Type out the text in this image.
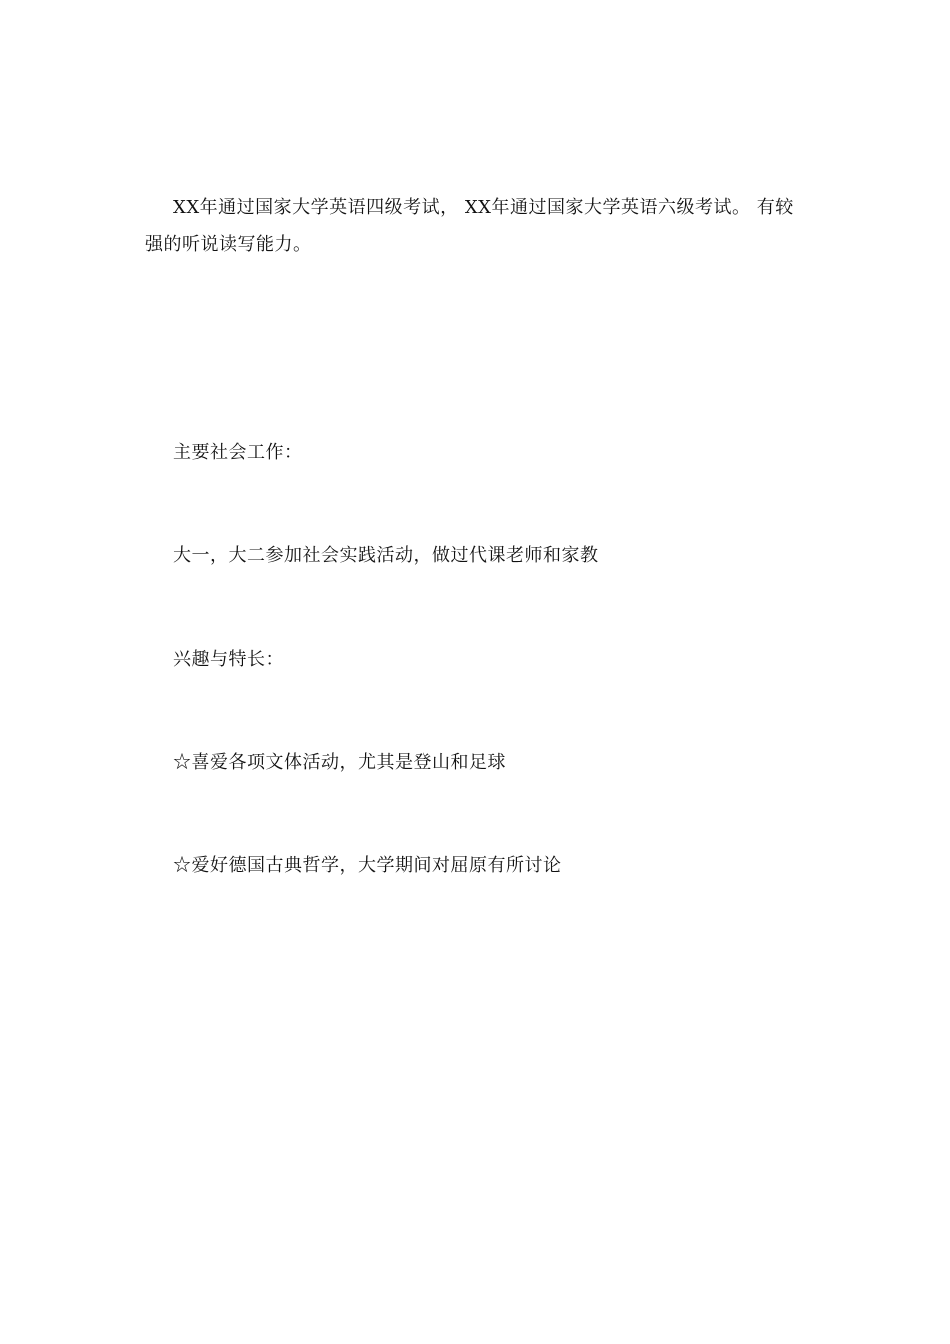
XX年通过国家大学英语四级考试， XX年通过国家大学英语六级考试。 有较强的听说读写能力。

主要社会工作：

大一，大二参加社会实践活动，做过代课老师和家教

兴趣与特长：

☆喜爱各项文体活动，尤其是登山和足球

☆爱好德国古典哲学，大学期间对屈原有所讨论
